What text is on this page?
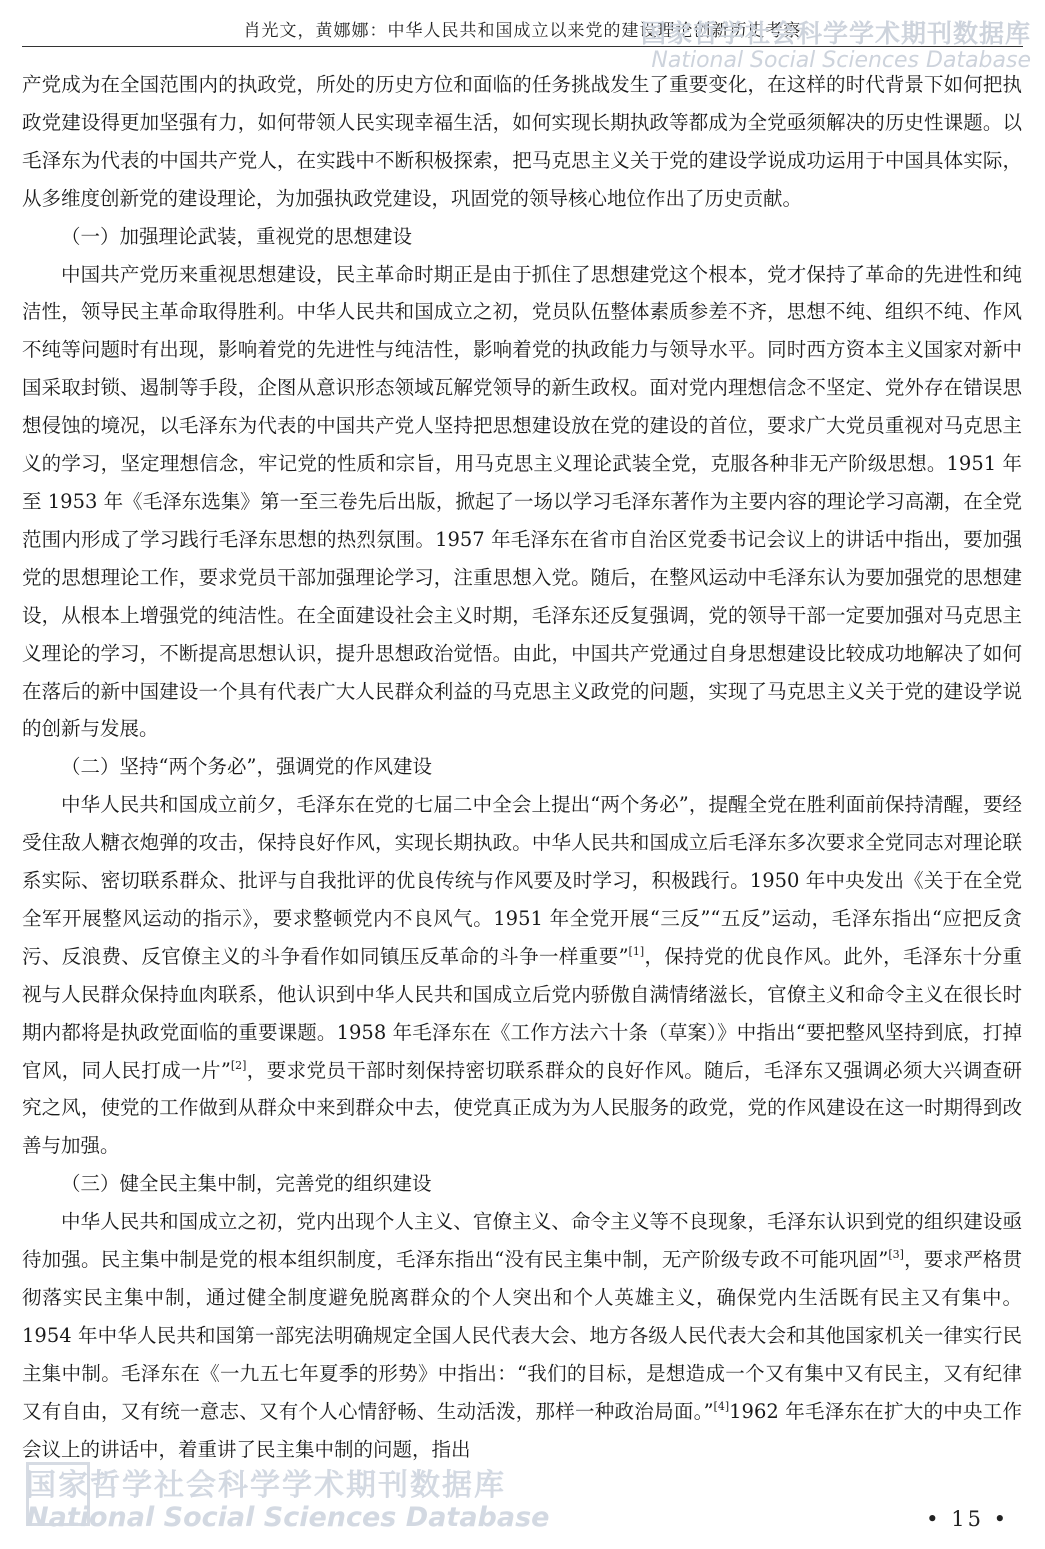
肖光文，黄娜娜：中华人民共和国成立以来党的建设理论创新历史考察
国家哲学社会科学学术期刊数据库
National Social Sciences Database

产党成为在全国范围内的执政党，所处的历史方位和面临的任务挑战发生了重要变化，在这样的时代背景下如何把执政党建设得更加坚强有力，如何带领人民实现幸福生活，如何实现长期执政等都成为全党亟须解决的历史性课题。以毛泽东为代表的中国共产党人，在实践中不断积极探索，把马克思主义关于党的建设学说成功运用于中国具体实际，从多维度创新党的建设理论，为加强执政党建设，巩固党的领导核心地位作出了历史贡献。

（一）加强理论武装，重视党的思想建设

中国共产党历来重视思想建设，民主革命时期正是由于抓住了思想建党这个根本，党才保持了革命的先进性和纯洁性，领导民主革命取得胜利。中华人民共和国成立之初，党员队伍整体素质参差不齐，思想不纯、组织不纯、作风不纯等问题时有出现，影响着党的先进性与纯洁性，影响着党的执政能力与领导水平。同时西方资本主义国家对新中国采取封锁、遏制等手段，企图从意识形态领域瓦解党领导的新生政权。面对党内理想信念不坚定、党外存在错误思想侵蚀的境况，以毛泽东为代表的中国共产党人坚持把思想建设放在党的建设的首位，要求广大党员重视对马克思主义的学习，坚定理想信念，牢记党的性质和宗旨，用马克思主义理论武装全党，克服各种非无产阶级思想。1951 年至 1953 年《毛泽东选集》第一至三卷先后出版，掀起了一场以学习毛泽东著作为主要内容的理论学习高潮，在全党范围内形成了学习践行毛泽东思想的热烈氛围。1957 年毛泽东在省市自治区党委书记会议上的讲话中指出，要加强党的思想理论工作，要求党员干部加强理论学习，注重思想入党。随后，在整风运动中毛泽东认为要加强党的思想建设，从根本上增强党的纯洁性。在全面建设社会主义时期，毛泽东还反复强调，党的领导干部一定要加强对马克思主义理论的学习，不断提高思想认识，提升思想政治觉悟。由此，中国共产党通过自身思想建设比较成功地解决了如何在落后的新中国建设一个具有代表广大人民群众利益的马克思主义政党的问题，实现了马克思主义关于党的建设学说的创新与发展。

（二）坚持“两个务必”，强调党的作风建设

中华人民共和国成立前夕，毛泽东在党的七届二中全会上提出“两个务必”，提醒全党在胜利面前保持清醒，要经受住敌人糖衣炮弹的攻击，保持良好作风，实现长期执政。中华人民共和国成立后毛泽东多次要求全党同志对理论联系实际、密切联系群众、批评与自我批评的优良传统与作风要及时学习，积极践行。1950 年中央发出《关于在全党全军开展整风运动的指示》，要求整顿党内不良风气。1951 年全党开展“三反”“五反”运动，毛泽东指出“应把反贪污、反浪费、反官僚主义的斗争看作如同镇压反革命的斗争一样重要”[1]，保持党的优良作风。此外，毛泽东十分重视与人民群众保持血肉联系，他认识到中华人民共和国成立后党内骄傲自满情绪滋长，官僚主义和命令主义在很长时期内都将是执政党面临的重要课题。1958 年毛泽东在《工作方法六十条（草案）》中指出“要把整风坚持到底，打掉官风，同人民打成一片”[2]，要求党员干部时刻保持密切联系群众的良好作风。随后，毛泽东又强调必须大兴调查研究之风，使党的工作做到从群众中来到群众中去，使党真正成为为人民服务的政党，党的作风建设在这一时期得到改善与加强。

（三）健全民主集中制，完善党的组织建设

中华人民共和国成立之初，党内出现个人主义、官僚主义、命令主义等不良现象，毛泽东认识到党的组织建设亟待加强。民主集中制是党的根本组织制度，毛泽东指出“没有民主集中制，无产阶级专政不可能巩固”[3]，要求严格贯彻落实民主集中制，通过健全制度避免脱离群众的个人突出和个人英雄主义，确保党内生活既有民主又有集中。1954 年中华人民共和国第一部宪法明确规定全国人民代表大会、地方各级人民代表大会和其他国家机关一律实行民主集中制。毛泽东在《一九五七年夏季的形势》中指出：“我们的目标，是想造成一个又有集中又有民主，又有纪律又有自由，又有统一意志、又有个人心情舒畅、生动活泼，那样一种政治局面。”[4]1962 年毛泽东在扩大的中央工作会议上的讲话中，着重讲了民主集中制的问题，指出

国家哲学社会科学学术期刊数据库
National Social Sciences Database	• 15 •
